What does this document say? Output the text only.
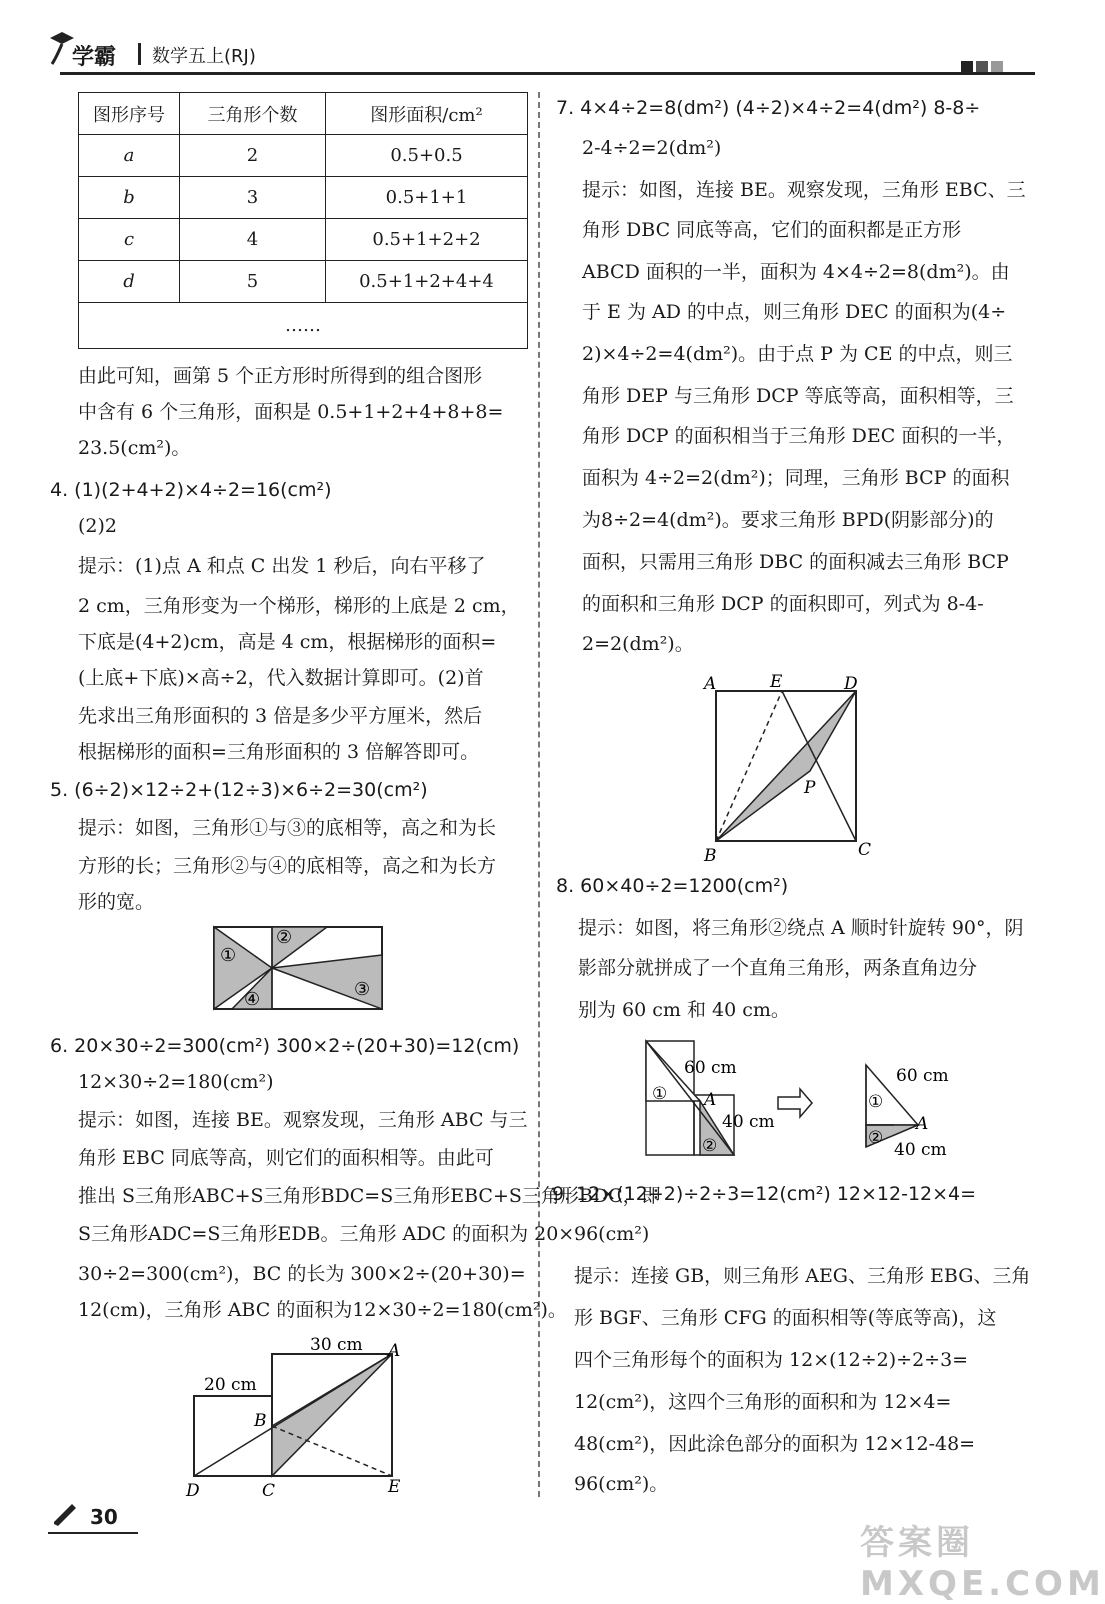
学霸 数学五上(RJ)
图形序号	三角形个数	图形面积/cm²
a	2	0.5+0.5
b	3	0.5+1+1
c	4	0.5+1+2+2
d	5	0.5+1+2+4+4
……		
由此可知，画第 5 个正方形时所得到的组合图形
中含有 6 个三角形，面积是 0.5+1+2+4+8+8=
23.5(cm²)。
4. (1)(2+4+2)×4÷2=16(cm²)
(2)2
提示：(1)点 A 和点 C 出发 1 秒后，向右平移了
2 cm，三角形变为一个梯形，梯形的上底是 2 cm，
下底是(4+2)cm，高是 4 cm，根据梯形的面积=
(上底+下底)×高÷2，代入数据计算即可。(2)首
先求出三角形面积的 3 倍是多少平方厘米，然后
根据梯形的面积=三角形面积的 3 倍解答即可。
5. (6÷2)×12÷2+(12÷3)×6÷2=30(cm²)
提示：如图，三角形①与③的底相等，高之和为长
方形的长；三角形②与④的底相等，高之和为长方
形的宽。
①
②
③
④
6. 20×30÷2=300(cm²) 300×2÷(20+30)=12(cm)
12×30÷2=180(cm²)
提示：如图，连接 BE。观察发现，三角形 ABC 与三
角形 EBC 同底等高，则它们的面积相等。由此可
推出 S三角形ABC+S三角形BDC=S三角形EBC+S三角形BDC，即
S三角形ADC=S三角形EDB。三角形 ADC 的面积为 20×
30÷2=300(cm²)，BC 的长为 300×2÷(20+30)=
12(cm)，三角形 ABC 的面积为12×30÷2=180(cm²)。
30 cm
20 cm
A
B
C
D	E
7. 4×4÷2=8(dm²) (4÷2)×4÷2=4(dm²) 8-8÷
2-4÷2=2(dm²)
提示：如图，连接 BE。观察发现，三角形 EBC、三
角形 DBC 同底等高，它们的面积都是正方形
ABCD 面积的一半，面积为 4×4÷2=8(dm²)。由
于 E 为 AD 的中点，则三角形 DEC 的面积为(4÷
2)×4÷2=4(dm²)。由于点 P 为 CE 的中点，则三
角形 DEP 与三角形 DCP 等底等高，面积相等，三
角形 DCP 的面积相当于三角形 DEC 面积的一半，
面积为 4÷2=2(dm²)；同理，三角形 BCP 的面积
为8÷2=4(dm²)。要求三角形 BPD(阴影部分)的
面积，只需用三角形 DBC 的面积减去三角形 BCP
的面积和三角形 DCP 的面积即可，列式为 8-4-
2=2(dm²)。
A	E	D
P
B	C
8. 60×40÷2=1200(cm²)
提示：如图，将三角形②绕点 A 顺时针旋转 90°，阴
影部分就拼成了一个直角三角形，两条直角边分
别为 60 cm 和 40 cm。
60 cm
40 cm
A
①
②
60 cm
40 cm
A
①
②
9. 12×(12÷2)÷2÷3=12(cm²) 12×12-12×4=
96(cm²)
提示：连接 GB，则三角形 AEG、三角形 EBG、三角
形 BGF、三角形 CFG 的面积相等(等底等高)，这
四个三角形每个的面积为 12×(12÷2)÷2÷3=
12(cm²)，这四个三角形的面积和为 12×4=
48(cm²)，因此涂色部分的面积为 12×12-48=
96(cm²)。
30
答案圈 MXQE.COM
